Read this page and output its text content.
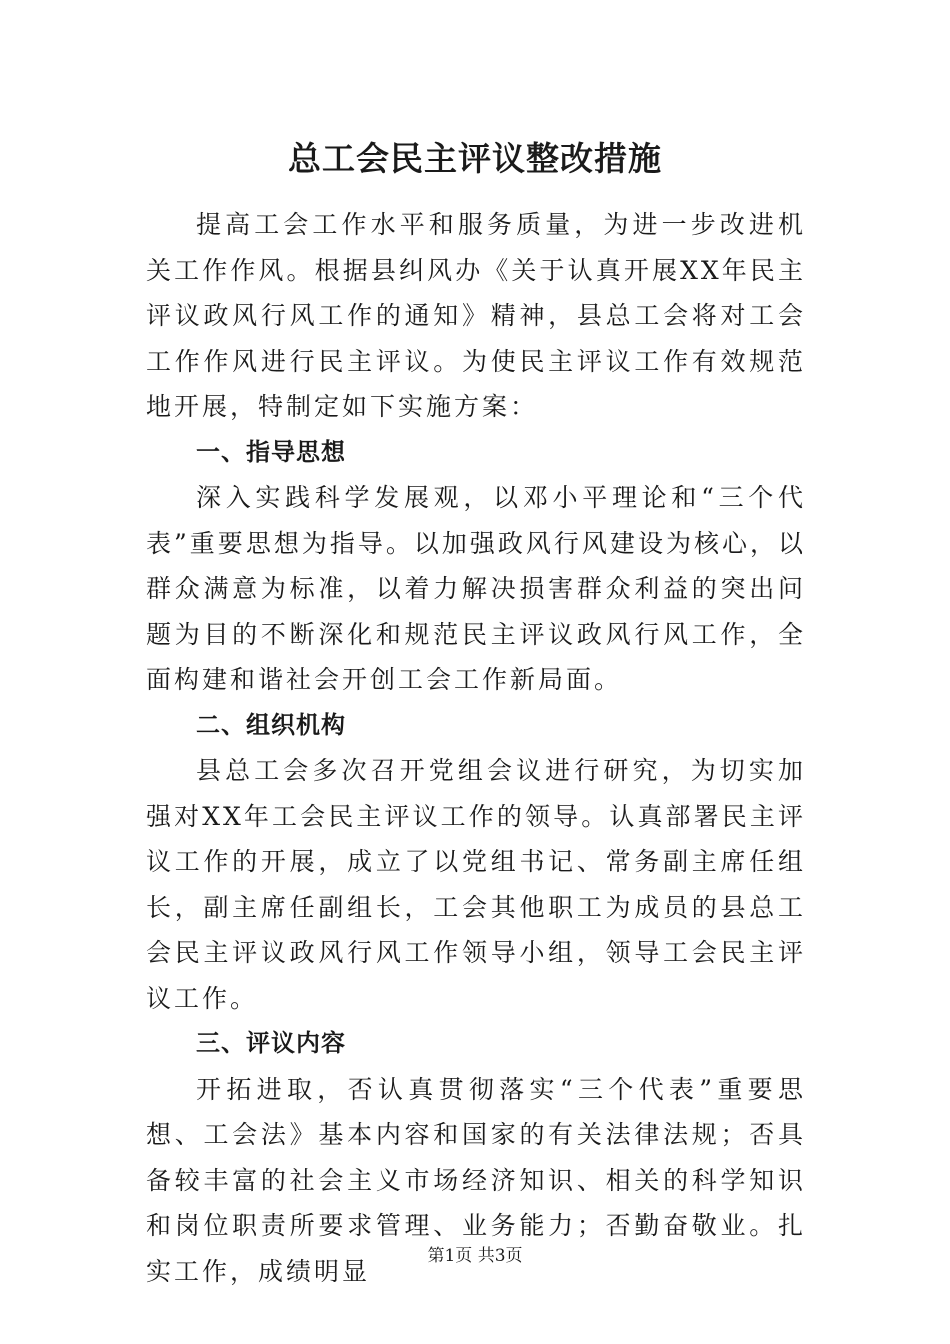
总工会民主评议整改措施

提高工会工作水平和服务质量，为进一步改进机关工作作风。根据县纠风办《关于认真开展XX年民主评议政风行风工作的通知》精神，县总工会将对工会工作作风进行民主评议。为使民主评议工作有效规范地开展，特制定如下实施方案：

一、指导思想

深入实践科学发展观，以邓小平理论和“三个代表”重要思想为指导。以加强政风行风建设为核心，以群众满意为标准，以着力解决损害群众利益的突出问题为目的不断深化和规范民主评议政风行风工作，全面构建和谐社会开创工会工作新局面。

二、组织机构

县总工会多次召开党组会议进行研究，为切实加强对XX年工会民主评议工作的领导。认真部署民主评议工作的开展，成立了以党组书记、常务副主席任组长，副主席任副组长，工会其他职工为成员的县总工会民主评议政风行风工作领导小组，领导工会民主评议工作。

三、评议内容

开拓进取，否认真贯彻落实“三个代表”重要思想、工会法》基本内容和国家的有关法律法规；否具备较丰富的社会主义市场经济知识、相关的科学知识和岗位职责所要求管理、业务能力；否勤奋敬业。扎实工作，成绩明显

第1页 共3页
